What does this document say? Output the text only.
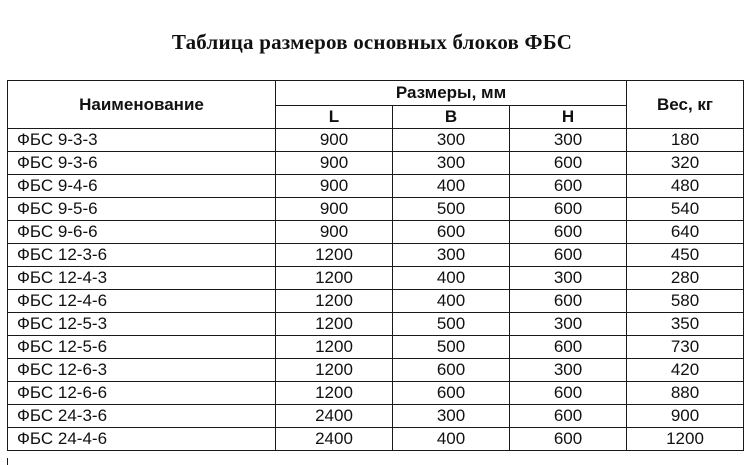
Таблица размеров основных блоков ФБС
Наименование	Размеры, мм			Вес, кг
	L	B	H	
ФБС 9-3-3	900	300	300	180
ФБС 9-3-6	900	300	600	320
ФБС 9-4-6	900	400	600	480
ФБС 9-5-6	900	500	600	540
ФБС 9-6-6	900	600	600	640
ФБС 12-3-6	1200	300	600	450
ФБС 12-4-3	1200	400	300	280
ФБС 12-4-6	1200	400	600	580
ФБС 12-5-3	1200	500	300	350
ФБС 12-5-6	1200	500	600	730
ФБС 12-6-3	1200	600	300	420
ФБС 12-6-6	1200	600	600	880
ФБС 24-3-6	2400	300	600	900
ФБС 24-4-6	2400	400	600	1200
